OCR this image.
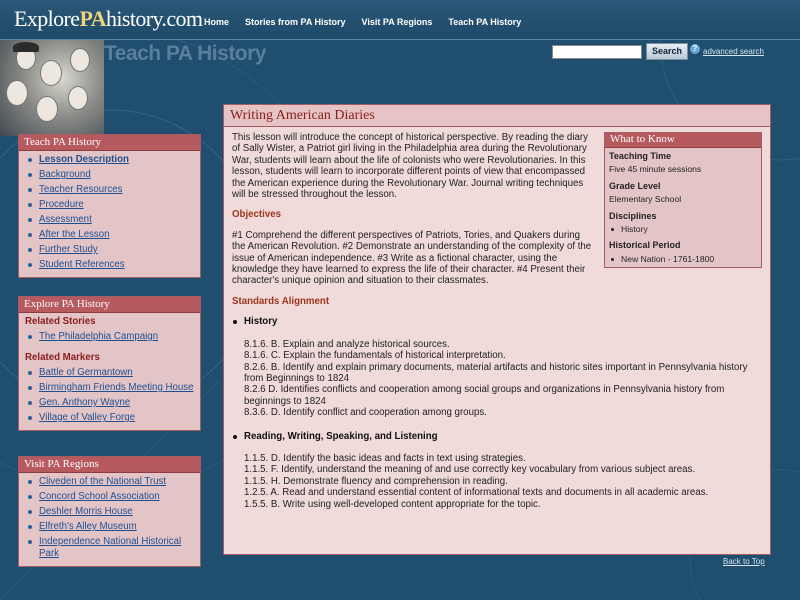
ExplorePAhistory.com Home Stories from PA History Visit PA Regions Teach PA History
Teach PA History	Search	? advanced search
Teach PA History
Lesson Description
Background
Teacher Resources
Procedure
Assessment
After the Lesson
Further Study
Student References
Explore PA History
Related Stories
The Philadelphia Campaign
Related Markers
Battle of Germantown
Birmingham Friends Meeting House
Gen. Anthony Wayne
Village of Valley Forge
Visit PA Regions
Cliveden of the National Trust
Concord School Association
Deshler Morris House
Elfreth's Alley Museum
Independence National Historical Park
Writing American Diaries
What to Know
Teaching Time
Five 45 minute sessions
Grade Level
Elementary School
Disciplines
History
Historical Period
New Nation - 1761-1800

This lesson will introduce the concept of historical perspective. By reading the diary of Sally Wister, a Patriot girl living in the Philadelphia area during the Revolutionary War, students will learn about the life of colonists who were Revolutionaries. In this lesson, students will learn to incorporate different points of view that encompassed the American experience during the Revolutionary War. Journal writing techniques will be stressed throughout the lesson.

Objectives

#1 Comprehend the different perspectives of Patriots, Tories, and Quakers during the American Revolution. #2 Demonstrate an understanding of the complexity of the issue of American independence. #3 Write as a fictional character, using the knowledge they have learned to express the life of their character. #4 Present their character's unique opinion and situation to their classmates.

Standards Alignment
History
8.1.6. B. Explain and analyze historical sources.
8.1.6. C. Explain the fundamentals of historical interpretation.
8.2.6. B. Identify and explain primary documents, material artifacts and historic sites important in Pennsylvania history from Beginnings to 1824
8.2.6 D. Identifies conflicts and cooperation among social groups and organizations in Pennsylvania history from beginnings to 1824
8.3.6. D. Identify conflict and cooperation among groups.
Reading, Writing, Speaking, and Listening
1.1.5. D. Identify the basic ideas and facts in text using strategies.
1.1.5. F. Identify, understand the meaning of and use correctly key vocabulary from various subject areas.
1.1.5. H. Demonstrate fluency and comprehension in reading.
1.2.5. A. Read and understand essential content of informational texts and documents in all academic areas.
1.5.5. B. Write using well-developed content appropriate for the topic.
Back to Top
